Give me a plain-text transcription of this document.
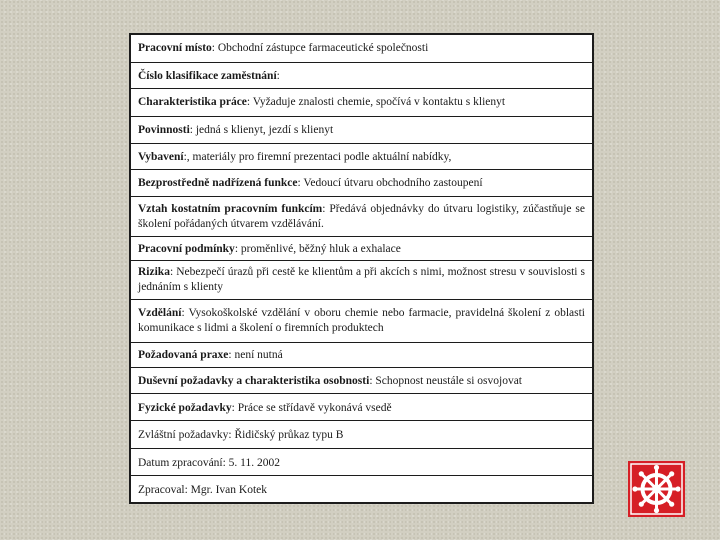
Pracovní místo: Obchodní zástupce farmaceutické společnosti
Číslo klasifikace zaměstnání:
Charakteristika práce: Vyžaduje znalosti chemie, spočívá v kontaktu s klienyt
Povinnosti: jedná s klienyt, jezdí s klienyt
Vybavení:, materiály pro firemní prezentaci podle aktuální nabídky,
Bezprostředně nadřízená funkce: Vedoucí útvaru obchodního zastoupení
Vztah kostatním pracovním funkcím: Předává objednávky do útvaru logistiky, zúčastňuje se školení pořádaných útvarem vzdělávání.
Pracovní podmínky: proměnlivé, běžný hluk a exhalace
Rizika: Nebezpečí úrazů při cestě ke klientům a při akcích s nimi, možnost stresu v souvislosti s jednáním s klienty
Vzdělání: Vysokoškolské vzdělání v oboru chemie nebo farmacie, pravidelná školení z oblasti komunikace s lidmi a školení o firemních produktech
Požadovaná praxe: není nutná
Duševní požadavky a charakteristika osobnosti: Schopnost neustále si osvojovat
Fyzické požadavky: Práce se střídavě vykonává vsedě
Zvláštní požadavky: Řidičský průkaz typu B
Datum zpracování: 5. 11. 2002
Zpracoval: Mgr. Ivan Kotek
